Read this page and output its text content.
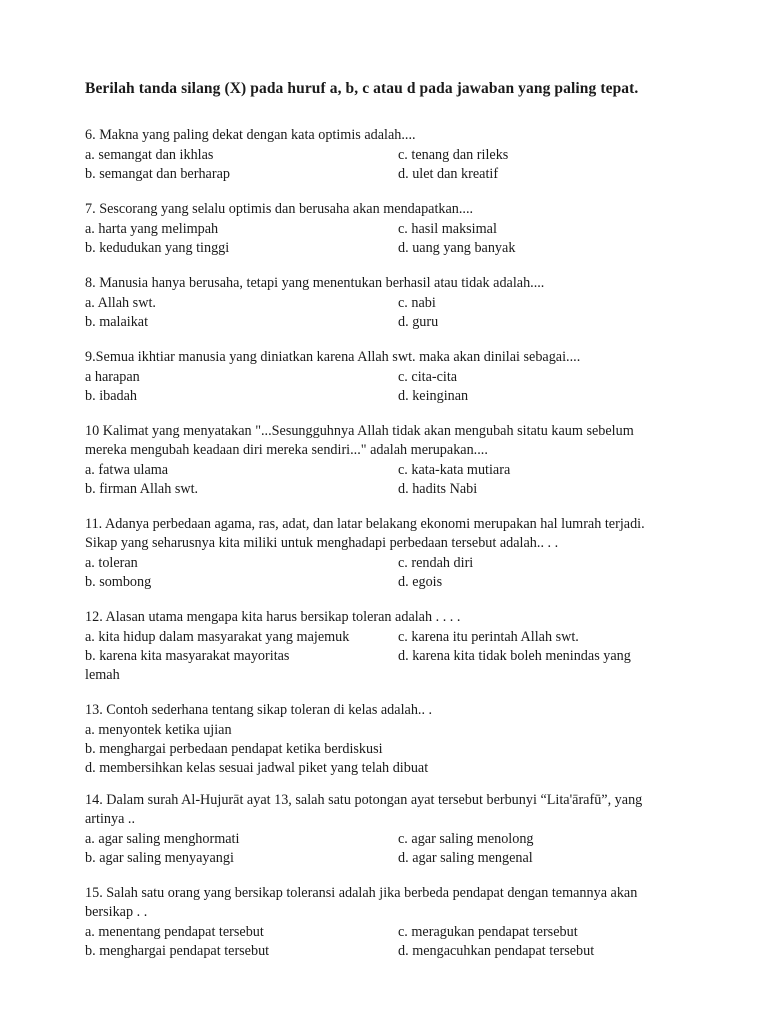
Berilah tanda silang (X) pada huruf a, b, c atau d pada jawaban yang paling tepat.

6. Makna yang paling dekat dengan kata optimis adalah....

a. semangat dan ikhlas	c. tenang dan rileks
b. semangat dan berharap	d. ulet dan kreatif

7. Sescorang yang selalu optimis dan berusaha akan mendapatkan....

a. harta yang melimpah	c. hasil maksimal
b. kedudukan yang tinggi	d. uang yang banyak

8. Manusia hanya berusaha, tetapi yang menentukan berhasil atau tidak adalah....

a. Allah swt.	c. nabi
b. malaikat	d. guru

9.Semua ikhtiar manusia yang diniatkan karena Allah swt. maka akan dinilai sebagai....

a harapan	c. cita-cita
b. ibadah	d. keinginan

10 Kalimat yang menyatakan "...Sesungguhnya Allah tidak akan mengubah sitatu kaum sebelum mereka mengubah keadaan diri mereka sendiri..." adalah merupakan....

a. fatwa ulama	c. kata-kata mutiara
b. firman Allah swt.	d. hadits Nabi

11. Adanya perbedaan agama, ras, adat, dan latar belakang ekonomi merupakan hal lumrah terjadi. Sikap yang seharusnya kita miliki untuk menghadapi perbedaan tersebut adalah.. . .

a. toleran	c. rendah diri
b. sombong	d. egois

12. Alasan utama mengapa kita harus bersikap toleran adalah . . . .

a. kita hidup dalam masyarakat yang majemuk	c. karena itu perintah Allah swt.
b. karena kita masyarakat mayoritas	d. karena kita tidak boleh menindas yang
lemah

13. Contoh sederhana tentang sikap toleran di kelas adalah.. .

a. menyontek ketika ujian
b. menghargai perbedaan pendapat ketika berdiskusi
d. membersihkan kelas sesuai jadwal piket yang telah dibuat

14. Dalam surah Al-Hujurāt ayat 13, salah satu potongan ayat tersebut berbunyi “Lita'ārafū”, yang artinya ..

a. agar saling menghormati	c. agar saling menolong
b. agar saling menyayangi	d. agar saling mengenal

15. Salah satu orang yang bersikap toleransi adalah jika berbeda pendapat dengan temannya akan bersikap . .

a. menentang pendapat tersebut	c. meragukan pendapat tersebut
b. menghargai pendapat tersebut	d. mengacuhkan pendapat tersebut
